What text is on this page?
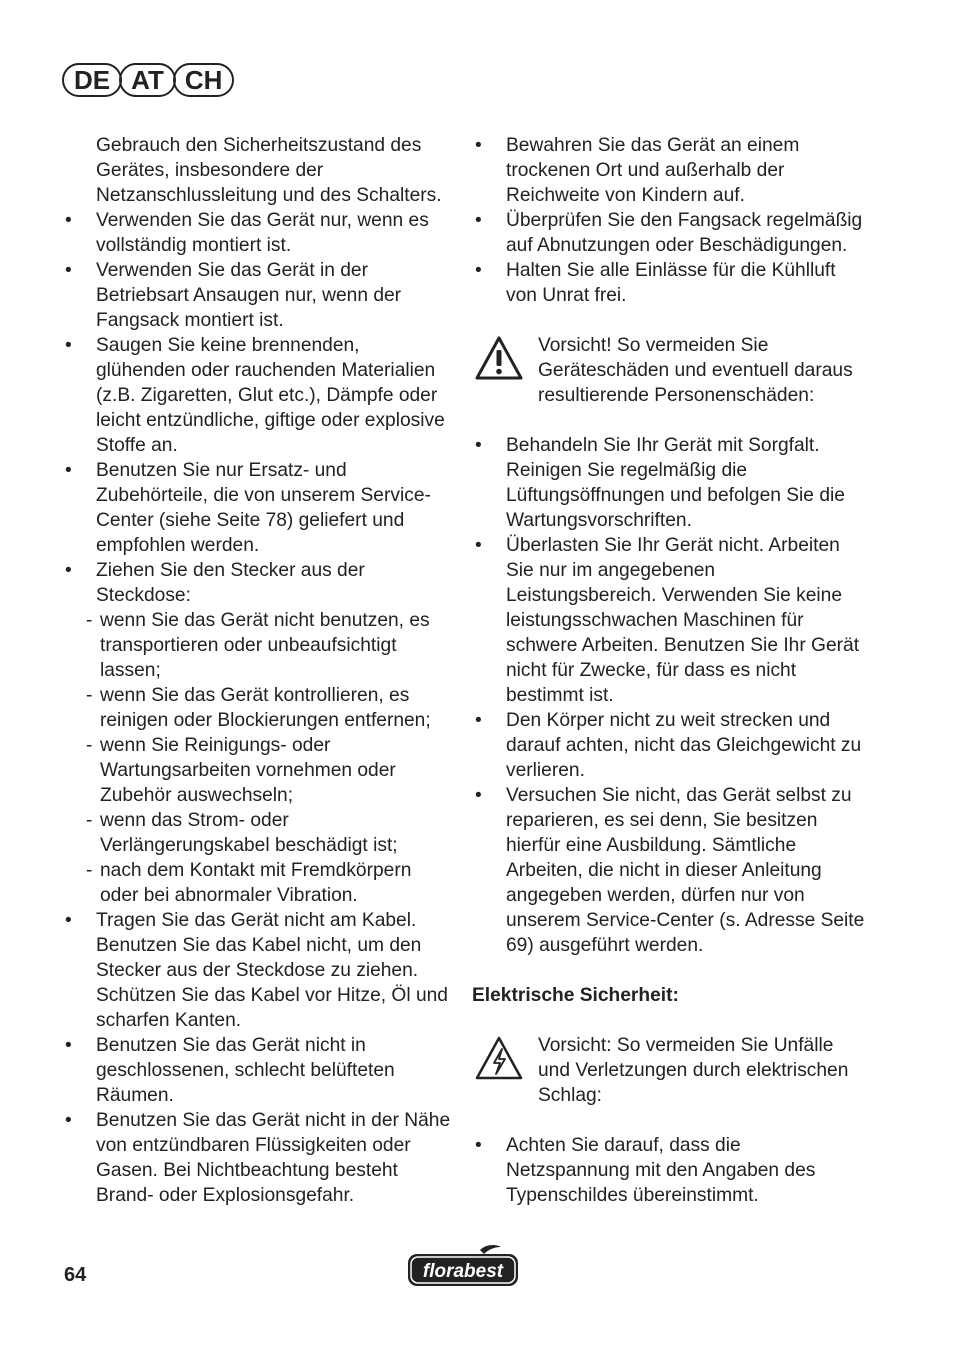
DE AT CH
Gebrauch den Sicherheitszustand des Gerätes, insbesondere der Netzanschlussleitung und des Schalters.
• Verwenden Sie das Gerät nur, wenn es vollständig montiert ist.
• Verwenden Sie das Gerät in der Betriebsart Ansaugen nur, wenn der Fangsack montiert ist.
• Saugen Sie keine brennenden, glühenden oder rauchenden Materialien (z.B. Zigaretten, Glut etc.), Dämpfe oder leicht entzündliche, giftige oder explosive Stoffe an.
• Benutzen Sie nur Ersatz- und Zubehörteile, die von unserem Service-Center (siehe Seite 78) geliefert und empfohlen werden.
• Ziehen Sie den Stecker aus der Steckdose:
- wenn Sie das Gerät nicht benutzen, es transportieren oder unbeaufsichtigt lassen;
- wenn Sie das Gerät kontrollieren, es reinigen oder Blockierungen entfernen;
- wenn Sie Reinigungs- oder Wartungsarbeiten vornehmen oder Zubehör auswechseln;
- wenn das Strom- oder Verlängerungskabel beschädigt ist;
- nach dem Kontakt mit Fremdkörpern oder bei abnormaler Vibration.
• Tragen Sie das Gerät nicht am Kabel. Benutzen Sie das Kabel nicht, um den Stecker aus der Steckdose zu ziehen. Schützen Sie das Kabel vor Hitze, Öl und scharfen Kanten.
• Benutzen Sie das Gerät nicht in geschlossenen, schlecht belüfteten Räumen.
• Benutzen Sie das Gerät nicht in der Nähe von entzündbaren Flüssigkeiten oder Gasen. Bei Nichtbeachtung besteht Brand- oder Explosionsgefahr.
• Bewahren Sie das Gerät an einem trockenen Ort und außerhalb der Reichweite von Kindern auf.
• Überprüfen Sie den Fangsack regelmäßig auf Abnutzungen oder Beschädigungen.
• Halten Sie alle Einlässe für die Kühlluft von Unrat frei.
Vorsicht! So vermeiden Sie Geräteschäden und eventuell daraus resultierende Personenschäden:
• Behandeln Sie Ihr Gerät mit Sorgfalt. Reinigen Sie regelmäßig die Lüftungsöffnungen und befolgen Sie die Wartungsvorschriften.
• Überlasten Sie Ihr Gerät nicht. Arbeiten Sie nur im angegebenen Leistungsbereich. Verwenden Sie keine leistungsschwachen Maschinen für schwere Arbeiten. Benutzen Sie Ihr Gerät nicht für Zwecke, für dass es nicht bestimmt ist.
• Den Körper nicht zu weit strecken und darauf achten, nicht das Gleichgewicht zu verlieren.
• Versuchen Sie nicht, das Gerät selbst zu reparieren, es sei denn, Sie besitzen hierfür eine Ausbildung. Sämtliche Arbeiten, die nicht in dieser Anleitung angegeben werden, dürfen nur von unserem Service-Center (s. Adresse Seite 69) ausgeführt werden.
Elektrische Sicherheit:
Vorsicht: So vermeiden Sie Unfälle und Verletzungen durch elektrischen Schlag:
• Achten Sie darauf, dass die Netzspannung mit den Angaben des Typenschildes übereinstimmt.
64	florabest
